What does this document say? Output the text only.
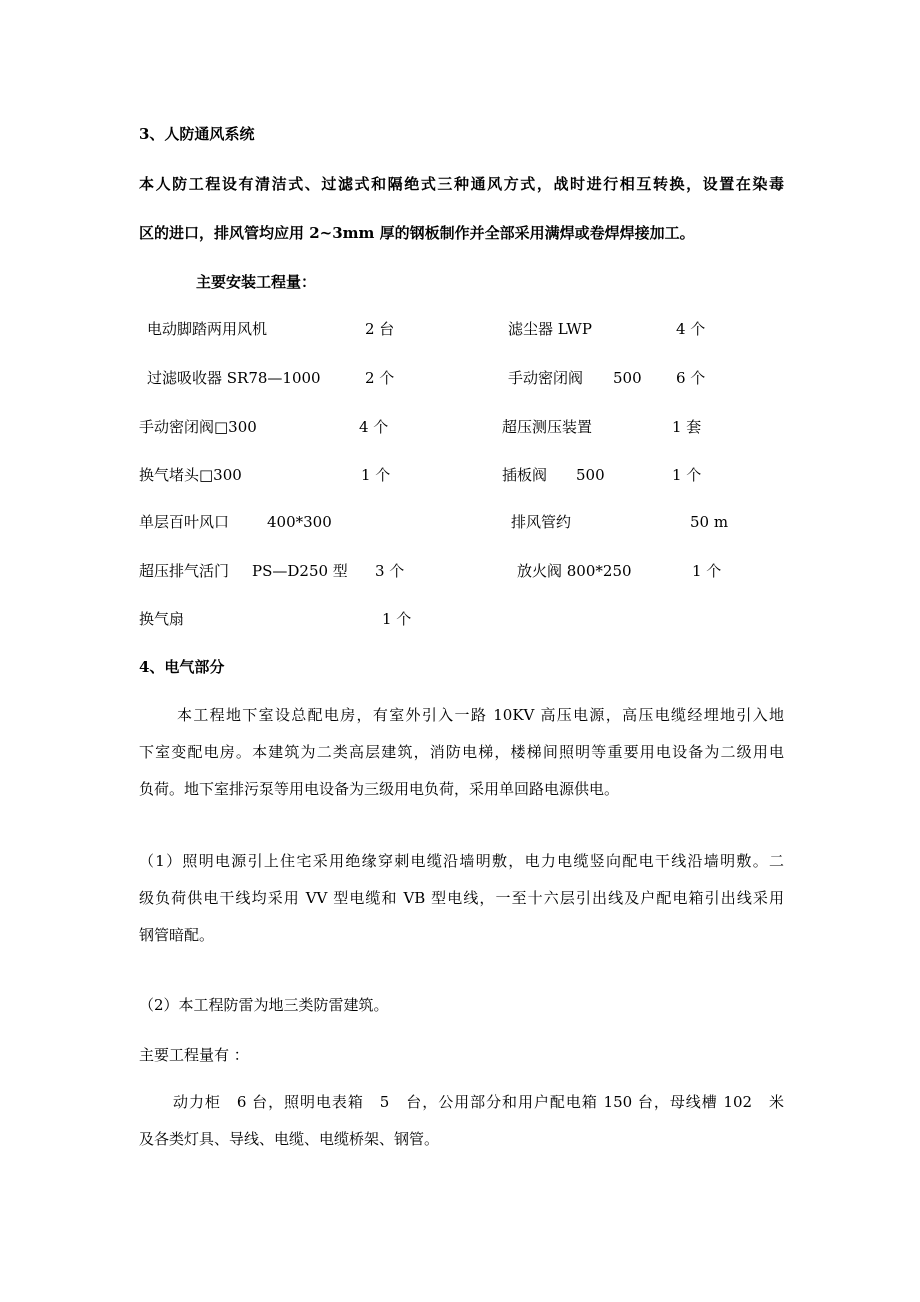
3、人防通风系统
本人防工程设有清洁式、过滤式和隔绝式三种通风方式，战时进行相互转换，设置在染毒
区的进口，排风管均应用 2~3mm 厚的钢板制作并全部采用满焊或卷焊焊接加工。
主要安装工程量：
电动脚踏两用风机	2 台	滤尘器 LWP	4 个
过滤吸收器 SR78—1000	2 个	手动密闭阀 500 6 个
手动密闭阀□300	4 个	超压测压装置	1 套
换气堵头□300	1 个	插板阀 500	1 个
单层百叶风口	400*300	排风管约	50 m
超压排气活门 PS—D250 型 3 个	放火阀 800*250	1 个
换气扇	1 个
4、电气部分
本工程地下室设总配电房，有室外引入一路 10KV 高压电源，高压电缆经埋地引入地
下室变配电房。本建筑为二类高层建筑，消防电梯，楼梯间照明等重要用电设备为二级用电
负荷。地下室排污泵等用电设备为三级用电负荷，采用单回路电源供电。
（1）照明电源引上住宅采用绝缘穿刺电缆沿墙明敷，电力电缆竖向配电干线沿墙明敷。二
级负荷供电干线均采用 VV 型电缆和 VB 型电线，一至十六层引出线及户配电箱引出线采用
钢管暗配。
（2）本工程防雷为地三类防雷建筑。
主要工程量有 ：
动力柜　6 台，照明电表箱　5　台，公用部分和用户配电箱 150 台，母线槽 102　米
及各类灯具、导线、电缆、电缆桥架、钢管。
